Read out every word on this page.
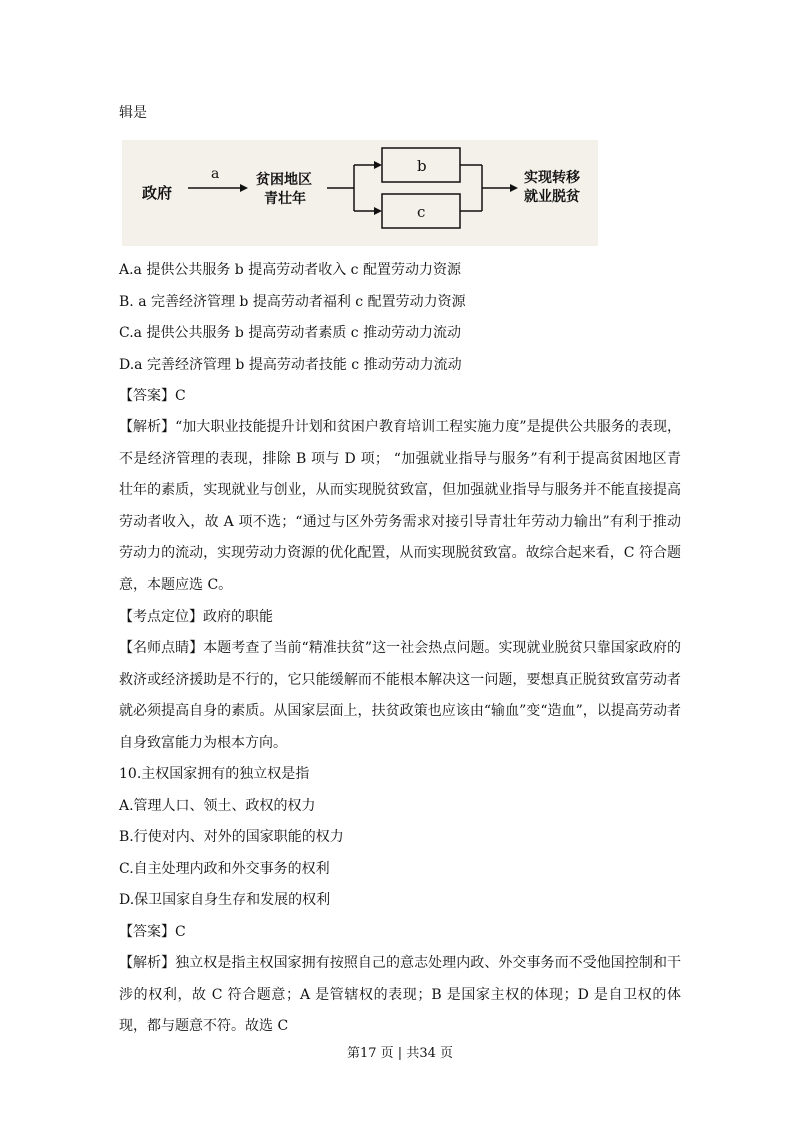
辑是
政府
a	贫困地区
青壮年
b
c
实现转移
就业脱贫
A.a 提供公共服务 b 提高劳动者收入 c 配置劳动力资源
B. a 完善经济管理 b 提高劳动者福利 c 配置劳动力资源
C.a 提供公共服务 b 提高劳动者素质 c 推动劳动力流动
D.a 完善经济管理 b 提高劳动者技能 c 推动劳动力流动
【答案】C
【解析】“加大职业技能提升计划和贫困户教育培训工程实施力度”是提供公共服务的表现，不是经济管理的表现，排除 B 项与 D 项； “加强就业指导与服务”有利于提高贫困地区青壮年的素质，实现就业与创业，从而实现脱贫致富，但加强就业指导与服务并不能直接提高劳动者收入，故 A 项不选；“通过与区外劳务需求对接引导青壮年劳动力输出”有利于推动劳动力的流动，实现劳动力资源的优化配置，从而实现脱贫致富。故综合起来看，C 符合题意，本题应选 C。
【考点定位】政府的职能
【名师点睛】本题考查了当前“精准扶贫”这一社会热点问题。实现就业脱贫只靠国家政府的救济或经济援助是不行的，它只能缓解而不能根本解决这一问题，要想真正脱贫致富劳动者就必须提高自身的素质。从国家层面上，扶贫政策也应该由“输血”变“造血”，以提高劳动者自身致富能力为根本方向。
10.主权国家拥有的独立权是指
A.管理人口、领土、政权的权力
B.行使对内、对外的国家职能的权力
C.自主处理内政和外交事务的权利
D.保卫国家自身生存和发展的权利
【答案】C
【解析】独立权是指主权国家拥有按照自己的意志处理内政、外交事务而不受他国控制和干涉的权利，故 C 符合题意；A 是管辖权的表现；B 是国家主权的体现；D 是自卫权的体现，都与题意不符。故选 C
第17 页 | 共34 页
